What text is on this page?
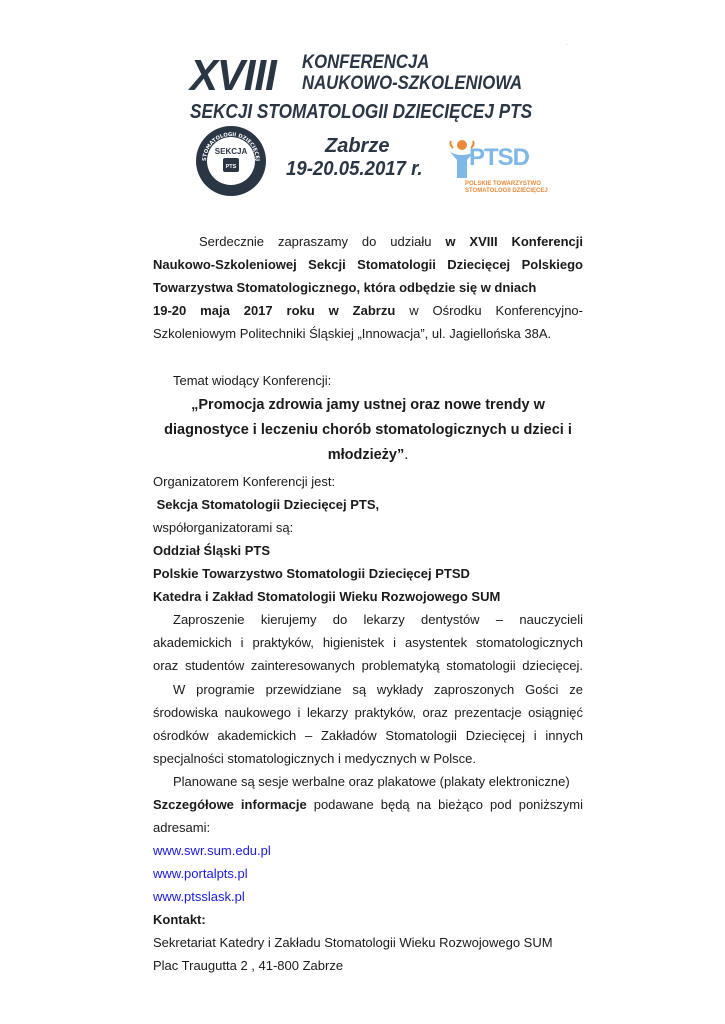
XVIII KONFERENCJA
NAUKOWO-SZKOLENIOWA
SEKCJI STOMATOLOGII DZIECIĘCEJ PTS
STOMATOLOGII DZIECIĘCEJ
SEKCJA
PTS
Zabrze
19-20.05.2017 r. PTSD
POLSKIE TOWARZYSTWO
STOMATOLOGII DZIECIĘCEJ
·

Serdecznie zapraszamy do udziału w XVIII Konferencji

Naukowo-Szkoleniowej Sekcji Stomatologii Dziecięcej Polskiego

Towarzystwa Stomatologicznego, która odbędzie się w dniach

19-20 maja 2017 roku w Zabrzu w Ośrodku Konferencyjno-

Szkoleniowym Politechniki Śląskiej „Innowacja”, ul. Jagiellońska 38A.

Temat wiodący Konferencji:

„Promocja zdrowia jamy ustnej oraz nowe trendy w
diagnostyce i leczeniu chorób stomatologicznych u dzieci i
młodzieży”.

Organizatorem Konferencji jest:

Sekcja Stomatologii Dziecięcej PTS,

współorganizatorami są:

Oddział Śląski PTS

Polskie Towarzystwo Stomatologii Dziecięcej PTSD

Katedra i Zakład Stomatologii Wieku Rozwojowego SUM

Zaproszenie kierujemy do lekarzy dentystów – nauczycieli

akademickich i praktyków, higienistek i asystentek stomatologicznych

oraz studentów zainteresowanych problematyką stomatologii dziecięcej.

W programie przewidziane są wykłady zaproszonych Gości ze

środowiska naukowego i lekarzy praktyków, oraz prezentacje osiągnięć

ośrodków akademickich – Zakładów Stomatologii Dziecięcej i innych

specjalności stomatologicznych i medycznych w Polsce.

Planowane są sesje werbalne oraz plakatowe (plakaty elektroniczne)

Szczegółowe informacje podawane będą na bieżąco pod poniższymi

adresami:

www.swr.sum.edu.pl

www.portalpts.pl

www.ptsslask.pl

Kontakt:

Sekretariat Katedry i Zakładu Stomatologii Wieku Rozwojowego SUM

Plac Traugutta 2 , 41-800 Zabrze
